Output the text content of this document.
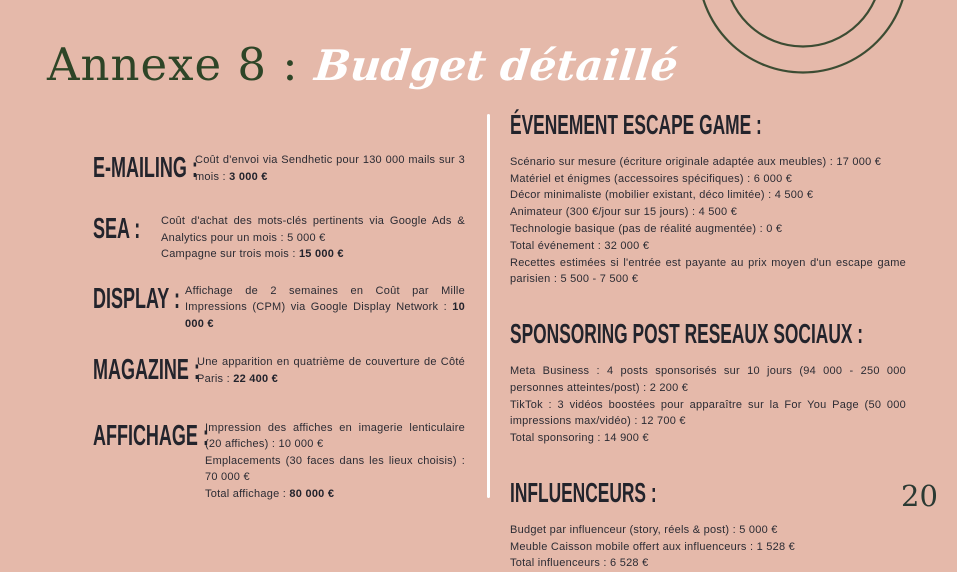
Annexe 8 : Budget détaillé
E-MAILING :

Coût d'envoi via Sendhetic pour 130 000 mails sur 3 mois : 3 000 €

SEA :	Coût d'achat des mots-clés pertinents via Google Ads & Analytics pour un mois : 5 000 €

Campagne sur trois mois : 15 000 €

DISPLAY : Affichage de 2 semaines en Coût par Mille Impressions (CPM) via Google Display Network : 10 000 €

MAGAZINE :

Une apparition en quatrième de couverture de Côté Paris : 22 400 €

AFFICHAGE :

Impression des affiches en imagerie lenticulaire (20 affiches) : 10 000 €

Emplacements (30 faces dans les lieux choisis) : 70 000 €

Total affichage : 80 000 €

ÉVENEMENT ESCAPE GAME :

Scénario sur mesure (écriture originale adaptée aux meubles) : 17 000 €

Matériel et énigmes (accessoires spécifiques) : 6 000 €

Décor minimaliste (mobilier existant, déco limitée) : 4 500 €

Animateur (300 €/jour sur 15 jours) : 4 500 €

Technologie basique (pas de réalité augmentée) : 0 €

Total événement : 32 000 €

Recettes estimées si l'entrée est payante au prix moyen d'un escape game parisien : 5 500 - 7 500 €

SPONSORING POST RESEAUX SOCIAUX :

Meta Business : 4 posts sponsorisés sur 10 jours (94 000 - 250 000 personnes atteintes/post) : 2 200 €

TikTok : 3 vidéos boostées pour apparaître sur la For You Page (50 000 impressions max/vidéo) : 12 700 €

Total sponsoring : 14 900 €

INFLUENCEURS :

Budget par influenceur (story, réels & post) : 5 000 €

Meuble Caisson mobile offert aux influenceurs : 1 528 €

Total influenceurs : 6 528 €

20
